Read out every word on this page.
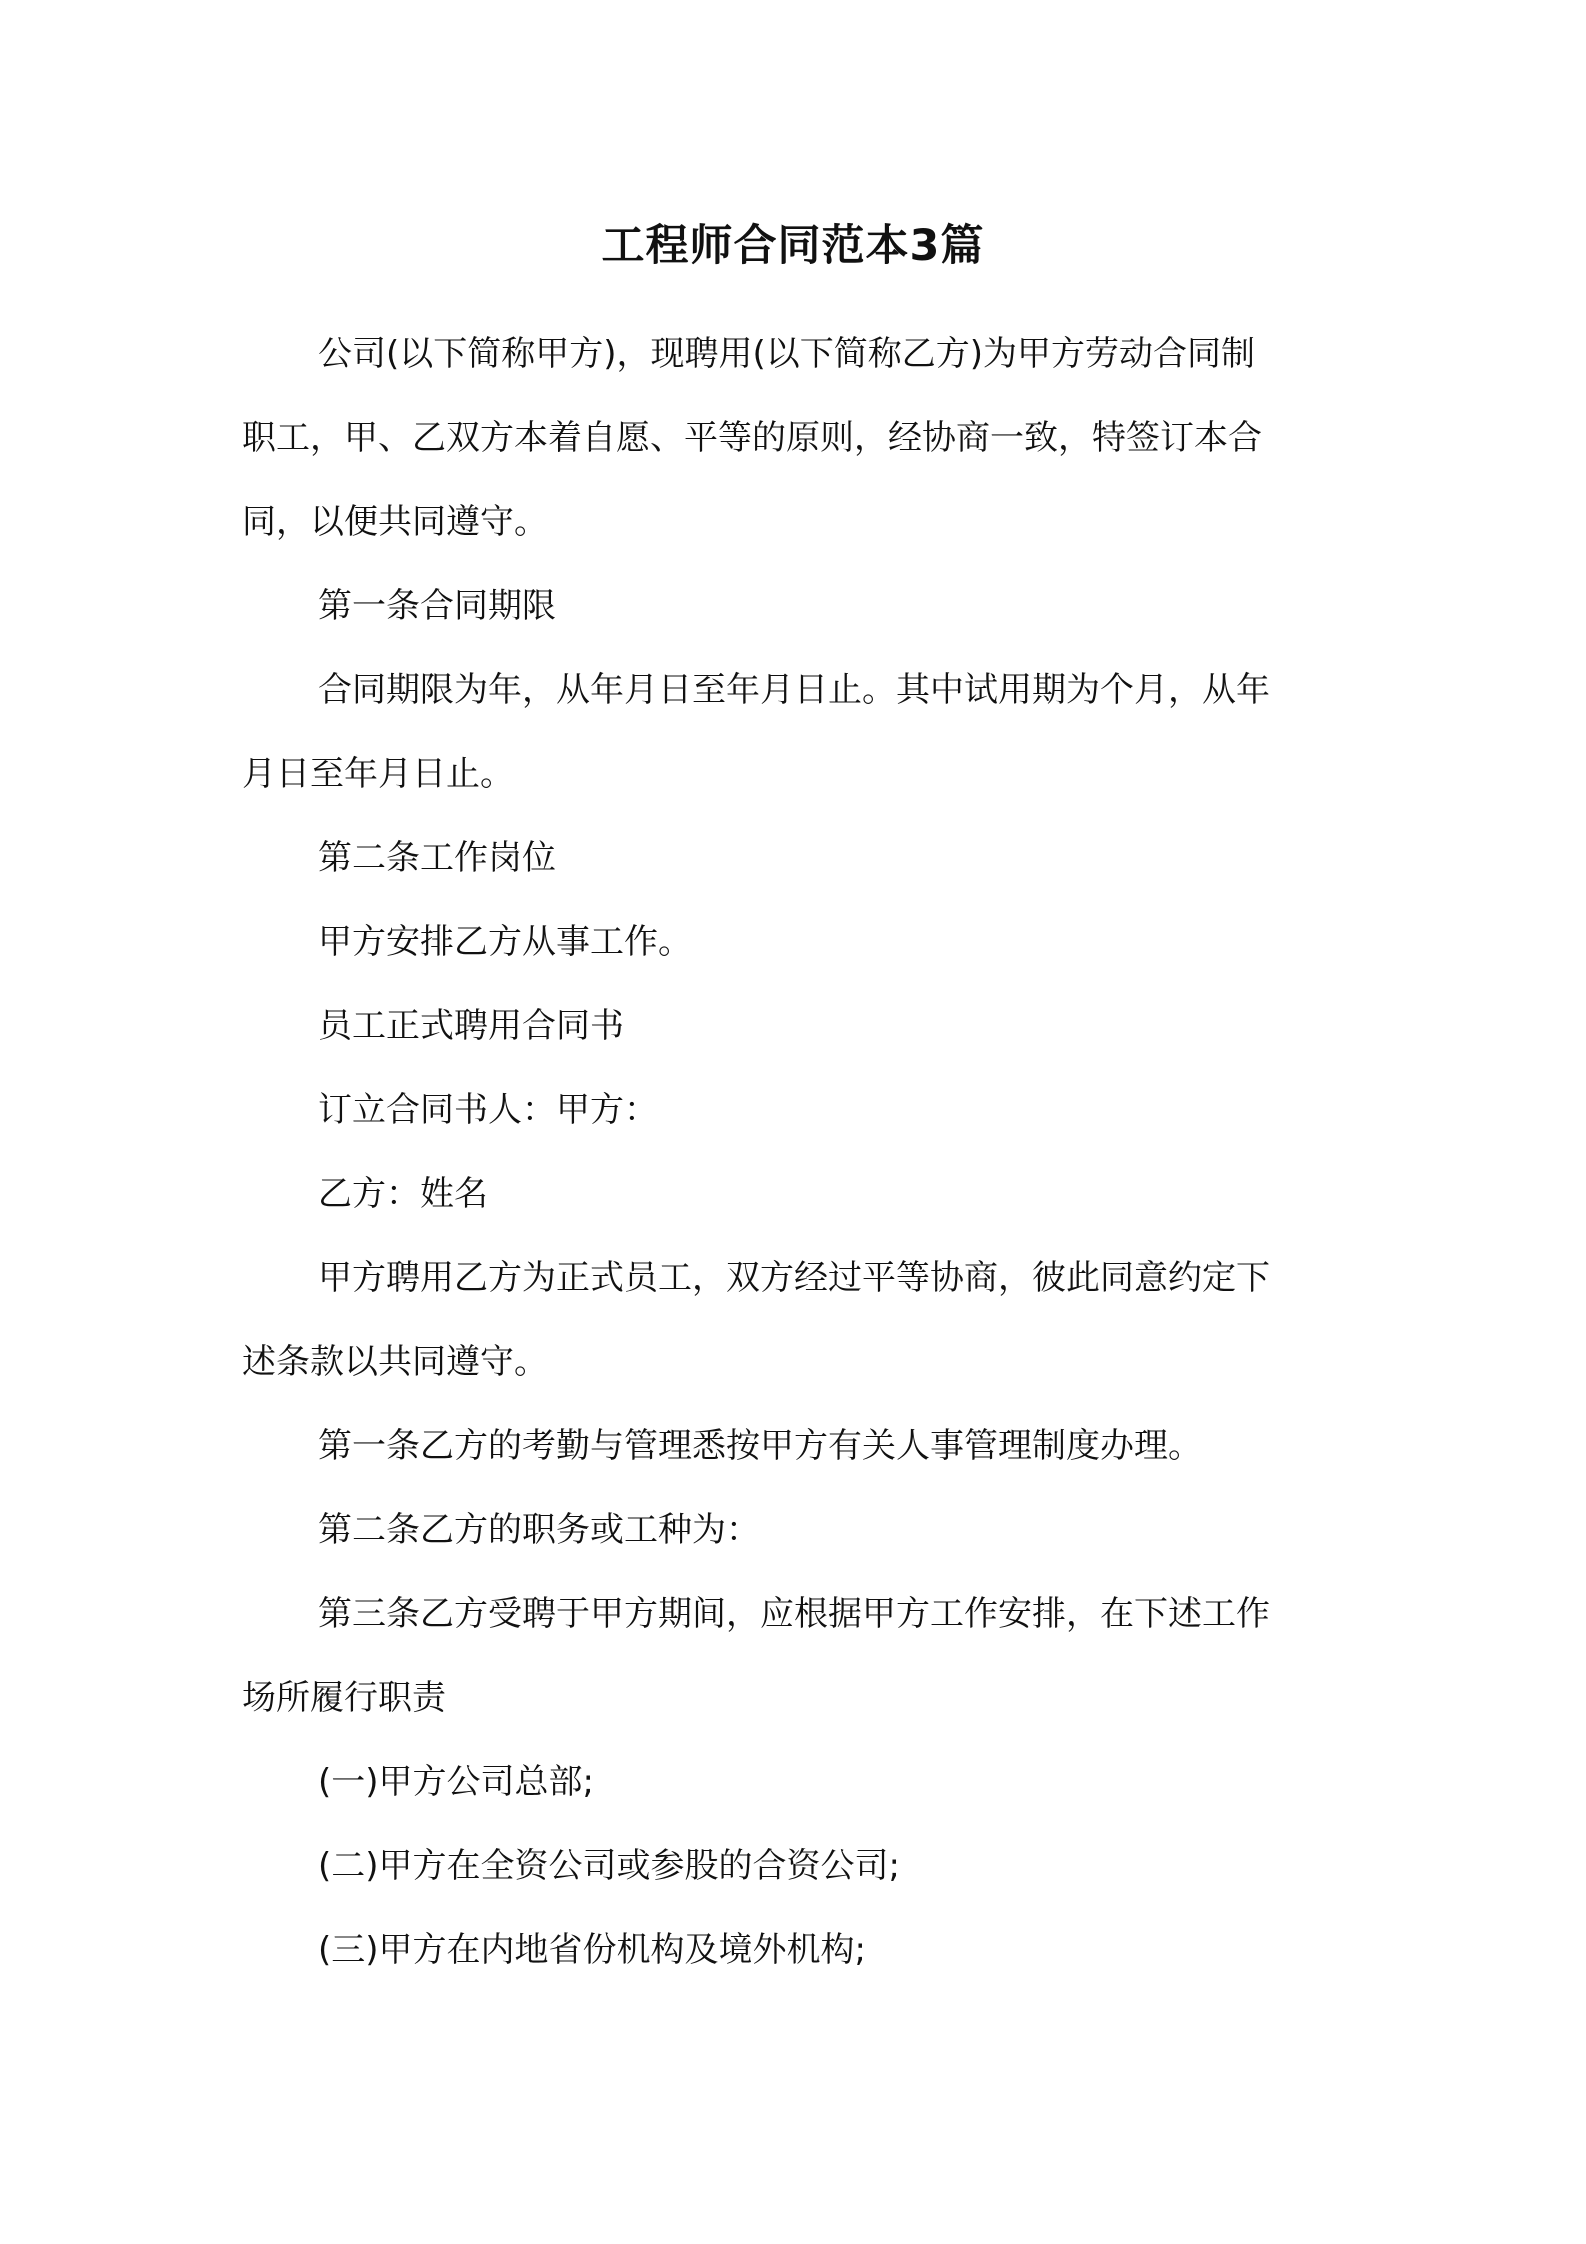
工程师合同范本3篇
公司(以下简称甲方)，现聘用(以下简称乙方)为甲方劳动合同制
职工，甲、乙双方本着自愿、平等的原则，经协商一致，特签订本合
同，以便共同遵守。
第一条合同期限
合同期限为年，从年月日至年月日止。其中试用期为个月，从年
月日至年月日止。
第二条工作岗位
甲方安排乙方从事工作。
员工正式聘用合同书
订立合同书人：甲方：
乙方：姓名
甲方聘用乙方为正式员工，双方经过平等协商，彼此同意约定下
述条款以共同遵守。
第一条乙方的考勤与管理悉按甲方有关人事管理制度办理。
第二条乙方的职务或工种为：
第三条乙方受聘于甲方期间，应根据甲方工作安排，在下述工作
场所履行职责
(一)甲方公司总部;
(二)甲方在全资公司或参股的合资公司;
(三)甲方在内地省份机构及境外机构;
